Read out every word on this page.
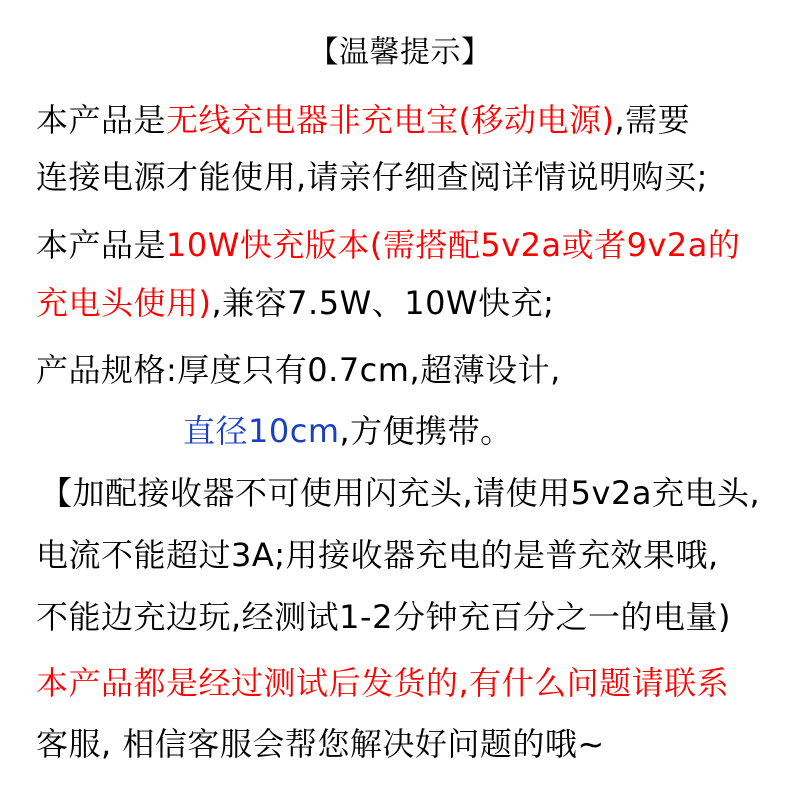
【温馨提示】
本产品是无线充电器非充电宝(移动电源),需要
连接电源才能使用,请亲仔细查阅详情说明购买;
本产品是10W快充版本(需搭配5v2a或者9v2a的
充电头使用),兼容7.5W、10W快充;
产品规格:厚度只有0.7cm,超薄设计,
直径10cm,方便携带。
【加配接收器不可使用闪充头,请使用5v2a充电头,
电流不能超过3A;用接收器充电的是普充效果哦,
不能边充边玩,经测试1-2分钟充百分之一的电量)
本产品都是经过测试后发货的,有什么问题请联系
客服, 相信客服会帮您解决好问题的哦~
